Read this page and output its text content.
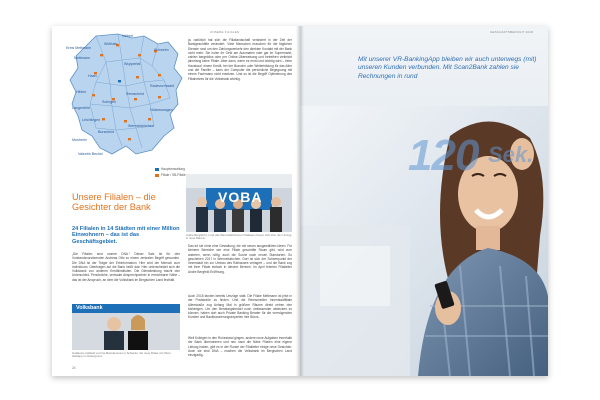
Velbert
Wülfrath
Mettmann
Schwelm
Wuppertal
Haan
Hilden
Solingen
Burscheid
Remscheid
Radevormwald
Wermelskirchen
Hückeswagen
Leichlingen
Langenfeld
Monheim
Kreis Mettmann
Valentin Bechel
Hauptverwaltung
Filiale / SB-Filiale
UNSERE FILIALEN
ja, natürlich hat sich die Filiallandschaft verändert in der Zeit der Bankgeschäfte verändert. Viele Menschen brauchen für die täglichen Dienste rund um den Zahlungsverkehr den direkten Kontakt mit der Bank nicht mehr. Sie holen ihr Geld am Automaten oder gar im Supermarkt, zahlen bargeldlos oder per Online-Überweisung und betreiben vielleicht jahrelang keine Filiale. Aber dann, wenn es ernst und wichtig wird – beim Hauskauf, einem Kredit, bei der Branche oder Weiterbildung für das Alter und die Familie – kann der Computer die persönliche Begegnung mit einem Fachmann nicht ersetzen. Und so ist die Begriff Optimierung des Filialnetzes für die Volksbank wichtig.
VOBA
Andre Bergfeld (l.) und das Wermelskirchener Filialteam freuen sich über den Umzug in neue Räume.
Unsere Filialen – die Gesichter der Bank
24 Filialen in 14 Städten mit einer Million Einwohnern – das ist das Geschäftsgebiet.
„Die Filialen sind unsere DNA.“ Dieser Satz ist für den Vorstandsvorsitzenden Andreas Otto zu einem zentralen Begriff geworden. Die DNA ist der Träger der Erbinformation. Hier wird der Mensch zum Individuum. Übertragen auf die Bank heißt das: Hier unterscheidet sich die Volksbank von anderen Kreditinstituten. Die Dienstleistung macht den Unterschied. Persönliche, vertraute Ansprechpartner in erreichbarer Nähe – das ist der Anspruch, an dem die Volksbank im Bergischen Land festhält.
Volksbank
Guillaume Galland und Ina Mannkemeier in Schwelm: die neue Filiale mit Oliver Hartlapp im Hintergrund.
Das tut sie ohne eine Gestaltung, die mit neuen ausgewählten Ideen. Für kleinere Bereiche wie eine Filiale geschäfte Raum gibt, wird zum anderen, wenn nötig, auch die Suche nach neuen Standorten. So geschehen 2017 in Wermelskirchen. Dort ist sich der Schwerpunkt der Innenstadt hin zur Umbau des Rathauses verlagert – und die Bank zog mit ihrer Filiale einfach in diesem Bereich. Im April feierten Filialleiter Andre Bergfeld Eröffnung.
Auch 2018 fanden bereits Umzüge statt. Die Filiale Mettmann ist jetzt in der Poststraße zu finden. Und die Remscheider Innenstadtfiliale Alleestraße zog Anfang Mai in größere Räume direkt neben den bisherigen. Um den Beratungsbedarf noch umfassender abdecken zu können, haben dort auch Private Banking Berater für die vermögenden Kunden und Baufinanzierungsexperten ihre Büros.
Weil Kollegen in den Ruhestand gingen, andere neue Aufgaben innerhalb der Bank übernahmen und neu nach die Nähe Filialen eine eigene Leitung haben, gibt es in der Runde der Filialleiter einige neue Gesichter. Auch sie sind DNA – machen die Volksbank im Bergischen Land einzigartig.
24
GESCHÄFTSBERICHT 2018
Mit unserer VR-BankingApp bleiben wir auch unterwegs (mit) unseren Kunden verbunden. Mit Scan2Bank zahlen sie Rechnungen in rund
120 Sek.
